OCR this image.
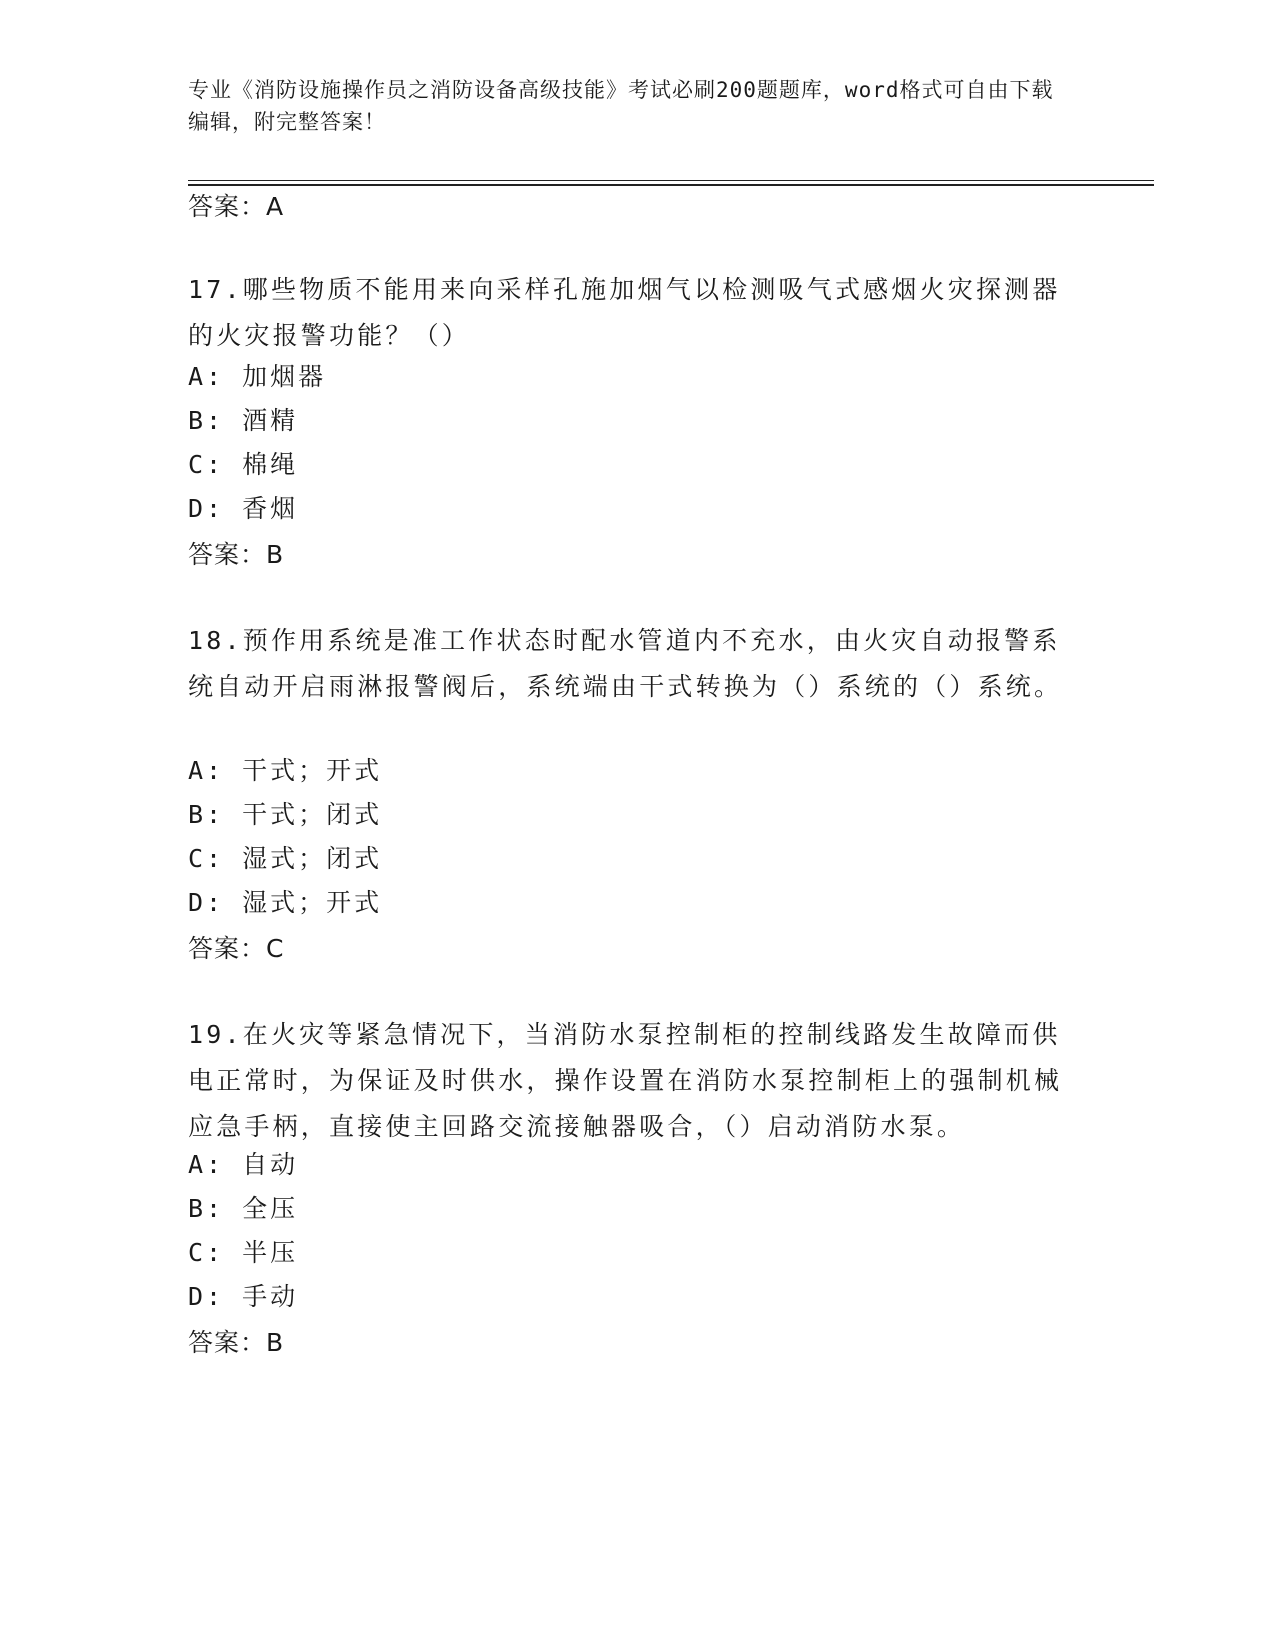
专业《消防设施操作员之消防设备高级技能》考试必刷200题题库，word格式可自由下载编辑，附完整答案！
答案：A
17.哪些物质不能用来向采样孔施加烟气以检测吸气式感烟火灾探测器的火灾报警功能？（）
A: 加烟器
B: 酒精
C: 棉绳
D: 香烟
答案：B
18.预作用系统是准工作状态时配水管道内不充水，由火灾自动报警系统自动开启雨淋报警阀后，系统端由干式转换为（）系统的（）系统。
A: 干式；开式
B: 干式；闭式
C: 湿式；闭式
D: 湿式；开式
答案：C
19.在火灾等紧急情况下，当消防水泵控制柜的控制线路发生故障而供电正常时，为保证及时供水，操作设置在消防水泵控制柜上的强制机械应急手柄，直接使主回路交流接触器吸合，（）启动消防水泵。
A: 自动
B: 全压
C: 半压
D: 手动
答案：B
